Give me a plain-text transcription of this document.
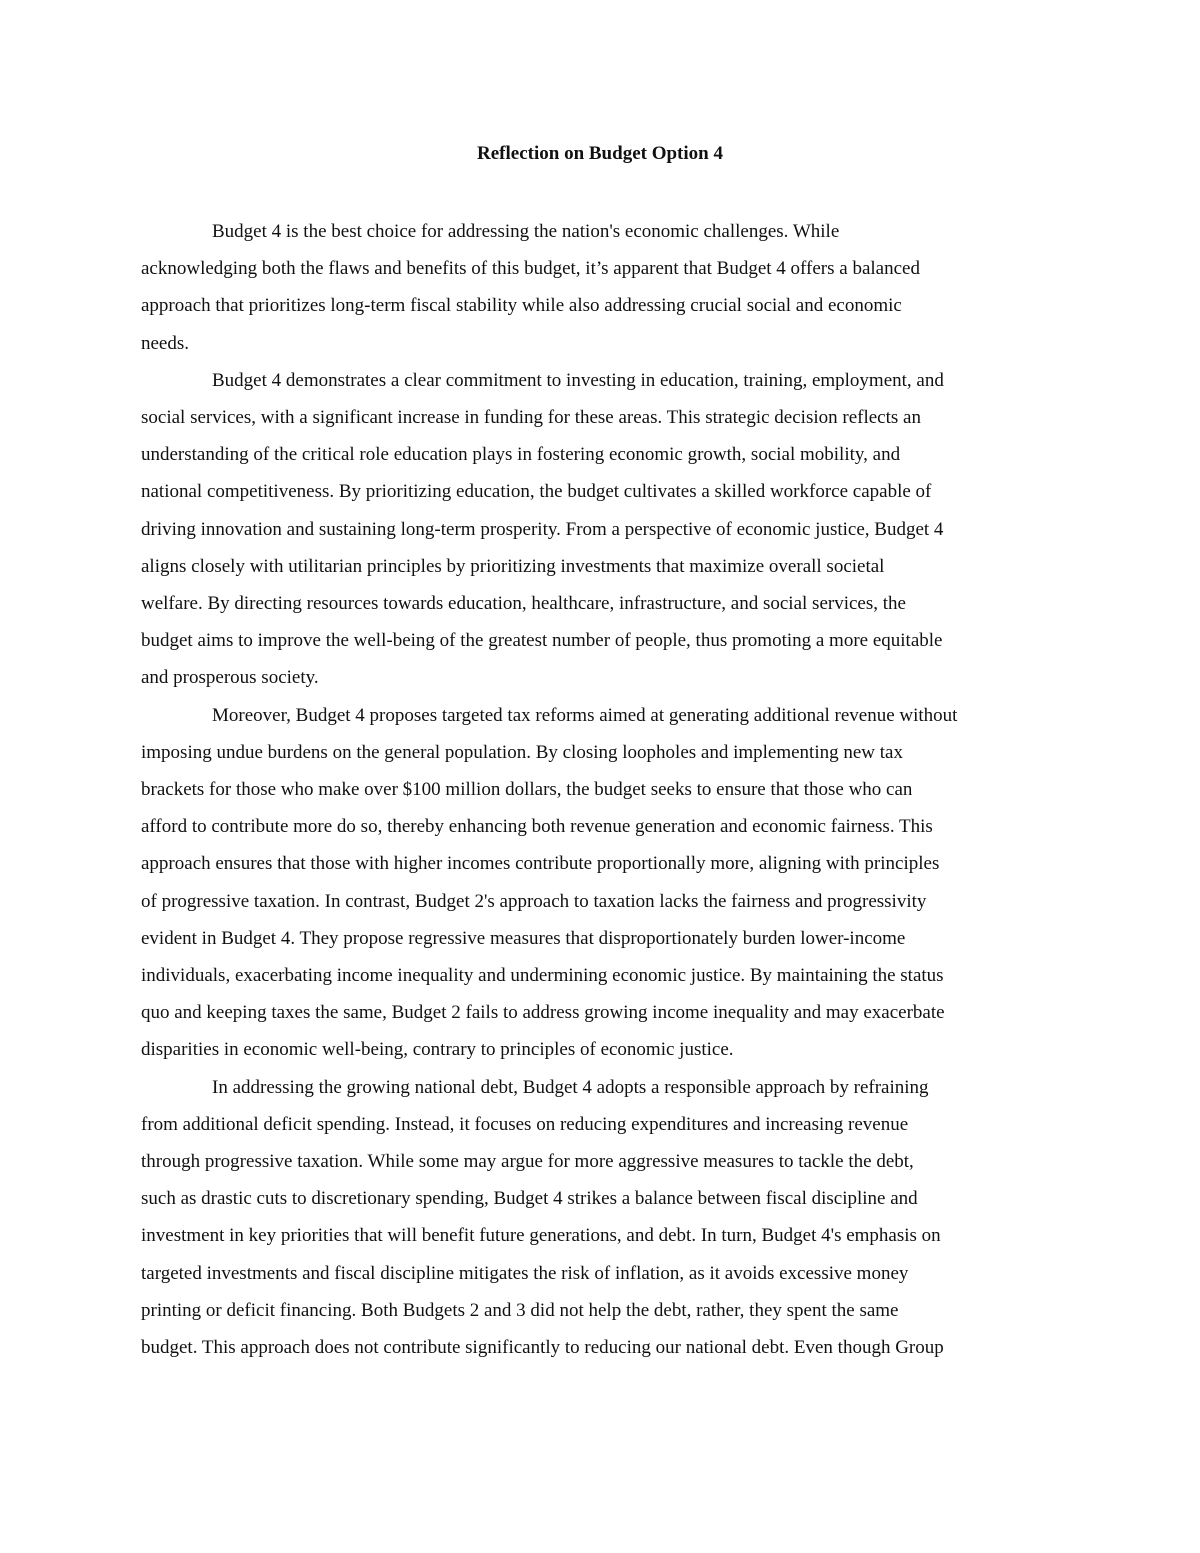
Reflection on Budget Option 4

Budget 4 is the best choice for addressing the nation's economic challenges. While
acknowledging both the flaws and benefits of this budget, it’s apparent that Budget 4 offers a balanced
approach that prioritizes long-term fiscal stability while also addressing crucial social and economic
needs.

Budget 4 demonstrates a clear commitment to investing in education, training, employment, and
social services, with a significant increase in funding for these areas. This strategic decision reflects an
understanding of the critical role education plays in fostering economic growth, social mobility, and
national competitiveness. By prioritizing education, the budget cultivates a skilled workforce capable of
driving innovation and sustaining long-term prosperity. From a perspective of economic justice, Budget 4
aligns closely with utilitarian principles by prioritizing investments that maximize overall societal
welfare. By directing resources towards education, healthcare, infrastructure, and social services, the
budget aims to improve the well-being of the greatest number of people, thus promoting a more equitable
and prosperous society.

Moreover, Budget 4 proposes targeted tax reforms aimed at generating additional revenue without
imposing undue burdens on the general population. By closing loopholes and implementing new tax
brackets for those who make over $100 million dollars, the budget seeks to ensure that those who can
afford to contribute more do so, thereby enhancing both revenue generation and economic fairness. This
approach ensures that those with higher incomes contribute proportionally more, aligning with principles
of progressive taxation. In contrast, Budget 2's approach to taxation lacks the fairness and progressivity
evident in Budget 4. They propose regressive measures that disproportionately burden lower-income
individuals, exacerbating income inequality and undermining economic justice. By maintaining the status
quo and keeping taxes the same, Budget 2 fails to address growing income inequality and may exacerbate
disparities in economic well-being, contrary to principles of economic justice.

In addressing the growing national debt, Budget 4 adopts a responsible approach by refraining
from additional deficit spending. Instead, it focuses on reducing expenditures and increasing revenue
through progressive taxation. While some may argue for more aggressive measures to tackle the debt,
such as drastic cuts to discretionary spending, Budget 4 strikes a balance between fiscal discipline and
investment in key priorities that will benefit future generations, and debt. In turn, Budget 4's emphasis on
targeted investments and fiscal discipline mitigates the risk of inflation, as it avoids excessive money
printing or deficit financing. Both Budgets 2 and 3 did not help the debt, rather, they spent the same
budget. This approach does not contribute significantly to reducing our national debt. Even though Group
